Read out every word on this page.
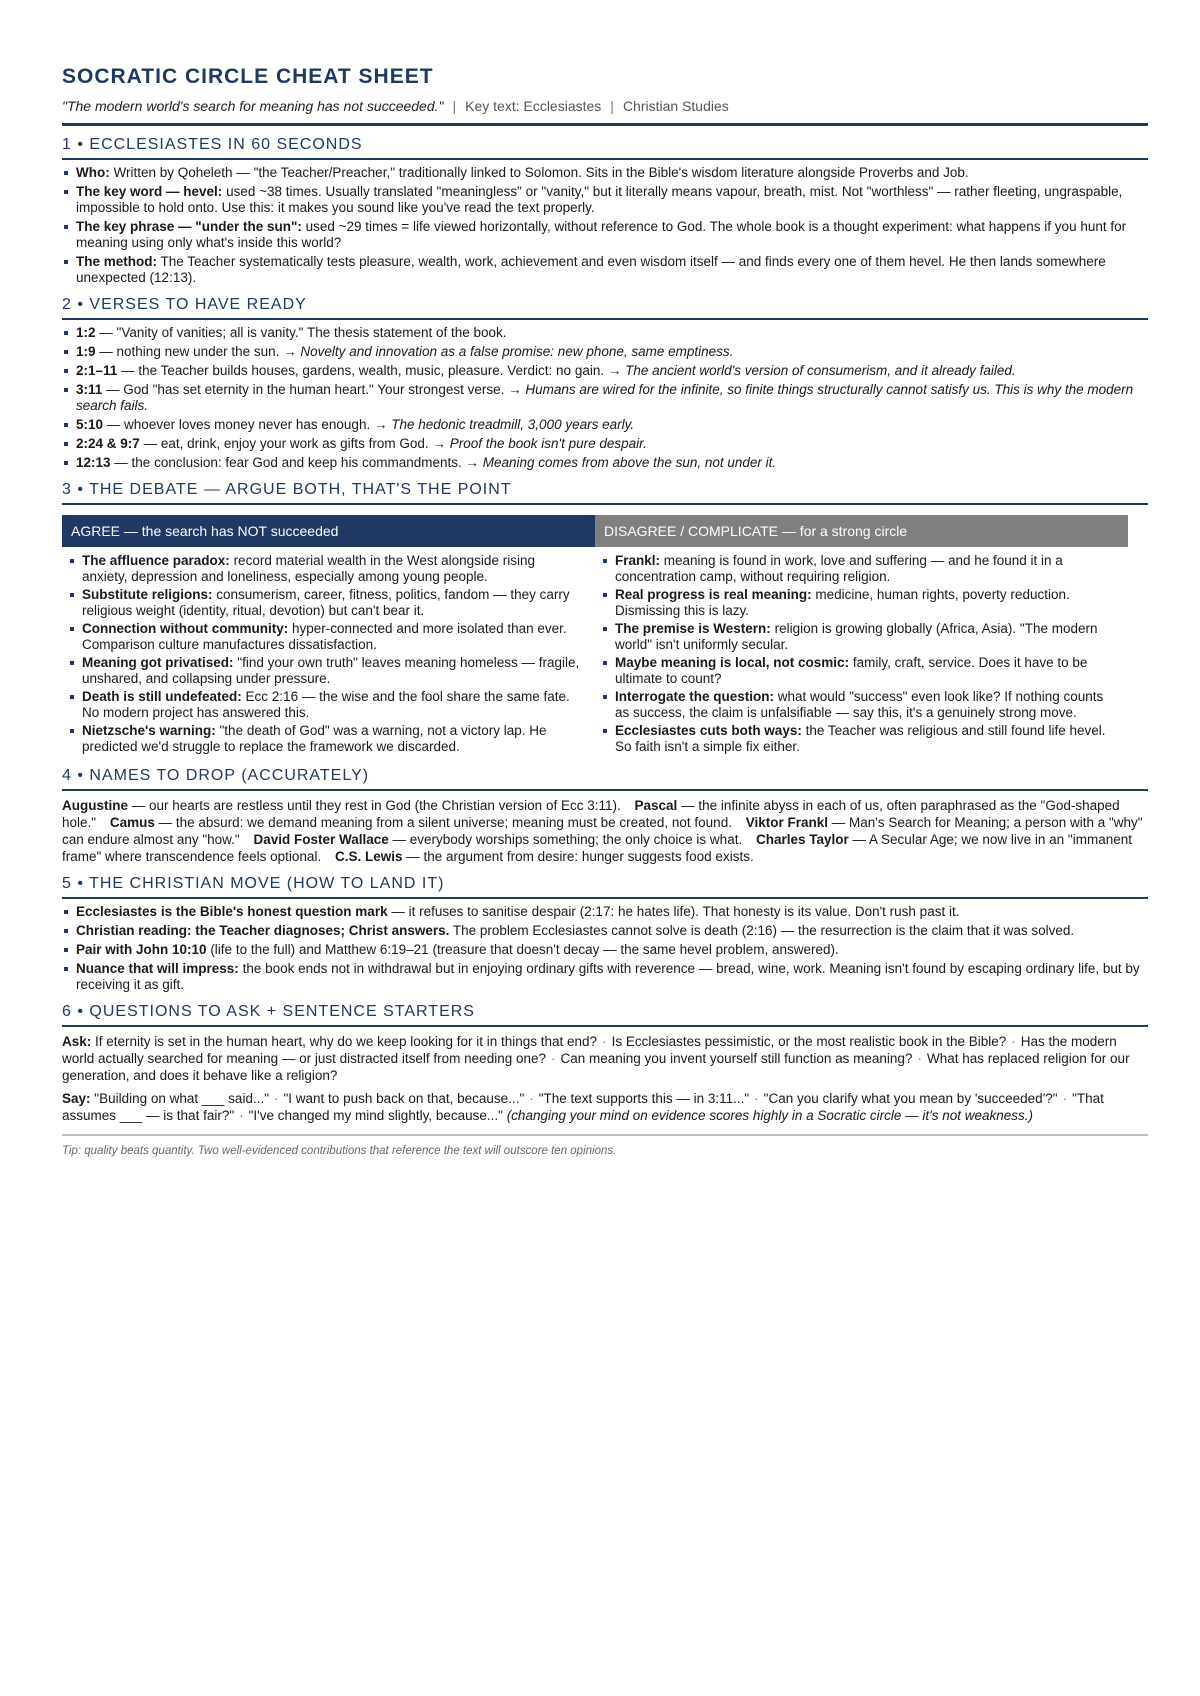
SOCRATIC CIRCLE CHEAT SHEET
"The modern world's search for meaning has not succeeded." | Key text: Ecclesiastes | Christian Studies
1 • ECCLESIASTES IN 60 SECONDS
Who: Written by Qoheleth — "the Teacher/Preacher," traditionally linked to Solomon. Sits in the Bible's wisdom literature alongside Proverbs and Job.
The key word — hevel: used ~38 times. Usually translated "meaningless" or "vanity," but it literally means vapour, breath, mist. Not "worthless" — rather fleeting, ungraspable, impossible to hold onto. Use this: it makes you sound like you've read the text properly.
The key phrase — "under the sun": used ~29 times = life viewed horizontally, without reference to God. The whole book is a thought experiment: what happens if you hunt for meaning using only what's inside this world?
The method: The Teacher systematically tests pleasure, wealth, work, achievement and even wisdom itself — and finds every one of them hevel. He then lands somewhere unexpected (12:13).
2 • VERSES TO HAVE READY
1:2 — "Vanity of vanities; all is vanity." The thesis statement of the book.
1:9 — nothing new under the sun. → Novelty and innovation as a false promise: new phone, same emptiness.
2:1–11 — the Teacher builds houses, gardens, wealth, music, pleasure. Verdict: no gain. → The ancient world's version of consumerism, and it already failed.
3:11 — God "has set eternity in the human heart." Your strongest verse. → Humans are wired for the infinite, so finite things structurally cannot satisfy us. This is why the modern search fails.
5:10 — whoever loves money never has enough. → The hedonic treadmill, 3,000 years early.
2:24 & 9:7 — eat, drink, enjoy your work as gifts from God. → Proof the book isn't pure despair.
12:13 — the conclusion: fear God and keep his commandments. → Meaning comes from above the sun, not under it.
3 • THE DEBATE — ARGUE BOTH, THAT'S THE POINT
AGREE — the search has NOT succeeded
The affluence paradox: record material wealth in the West alongside rising anxiety, depression and loneliness, especially among young people.
Substitute religions: consumerism, career, fitness, politics, fandom — they carry religious weight (identity, ritual, devotion) but can't bear it.
Connection without community: hyper-connected and more isolated than ever. Comparison culture manufactures dissatisfaction.
Meaning got privatised: "find your own truth" leaves meaning homeless — fragile, unshared, and collapsing under pressure.
Death is still undefeated: Ecc 2:16 — the wise and the fool share the same fate. No modern project has answered this.
Nietzsche's warning: "the death of God" was a warning, not a victory lap. He predicted we'd struggle to replace the framework we discarded.
DISAGREE / COMPLICATE — for a strong circle
Frankl: meaning is found in work, love and suffering — and he found it in a concentration camp, without requiring religion.
Real progress is real meaning: medicine, human rights, poverty reduction. Dismissing this is lazy.
The premise is Western: religion is growing globally (Africa, Asia). "The modern world" isn't uniformly secular.
Maybe meaning is local, not cosmic: family, craft, service. Does it have to be ultimate to count?
Interrogate the question: what would "success" even look like? If nothing counts as success, the claim is unfalsifiable — say this, it's a genuinely strong move.
Ecclesiastes cuts both ways: the Teacher was religious and still found life hevel. So faith isn't a simple fix either.
4 • NAMES TO DROP (ACCURATELY)
Augustine — our hearts are restless until they rest in God (the Christian version of Ecc 3:11). Pascal — the infinite abyss in each of us, often paraphrased as the "God-shaped hole." Camus — the absurd: we demand meaning from a silent universe; meaning must be created, not found. Viktor Frankl — Man's Search for Meaning; a person with a "why" can endure almost any "how." David Foster Wallace — everybody worships something; the only choice is what. Charles Taylor — A Secular Age; we now live in an "immanent frame" where transcendence feels optional. C.S. Lewis — the argument from desire: hunger suggests food exists.
5 • THE CHRISTIAN MOVE (HOW TO LAND IT)
Ecclesiastes is the Bible's honest question mark — it refuses to sanitise despair (2:17: he hates life). That honesty is its value. Don't rush past it.
Christian reading: the Teacher diagnoses; Christ answers. The problem Ecclesiastes cannot solve is death (2:16) — the resurrection is the claim that it was solved.
Pair with John 10:10 (life to the full) and Matthew 6:19–21 (treasure that doesn't decay — the same hevel problem, answered).
Nuance that will impress: the book ends not in withdrawal but in enjoying ordinary gifts with reverence — bread, wine, work. Meaning isn't found by escaping ordinary life, but by receiving it as gift.
6 • QUESTIONS TO ASK + SENTENCE STARTERS
Ask: If eternity is set in the human heart, why do we keep looking for it in things that end? · Is Ecclesiastes pessimistic, or the most realistic book in the Bible? · Has the modern world actually searched for meaning — or just distracted itself from needing one? · Can meaning you invent yourself still function as meaning? · What has replaced religion for our generation, and does it behave like a religion?
Say: "Building on what ___ said..." · "I want to push back on that, because..." · "The text supports this — in 3:11..." · "Can you clarify what you mean by 'succeeded'?" · "That assumes ___ — is that fair?" · "I've changed my mind slightly, because..." (changing your mind on evidence scores highly in a Socratic circle — it's not weakness.)
Tip: quality beats quantity. Two well-evidenced contributions that reference the text will outscore ten opinions.
